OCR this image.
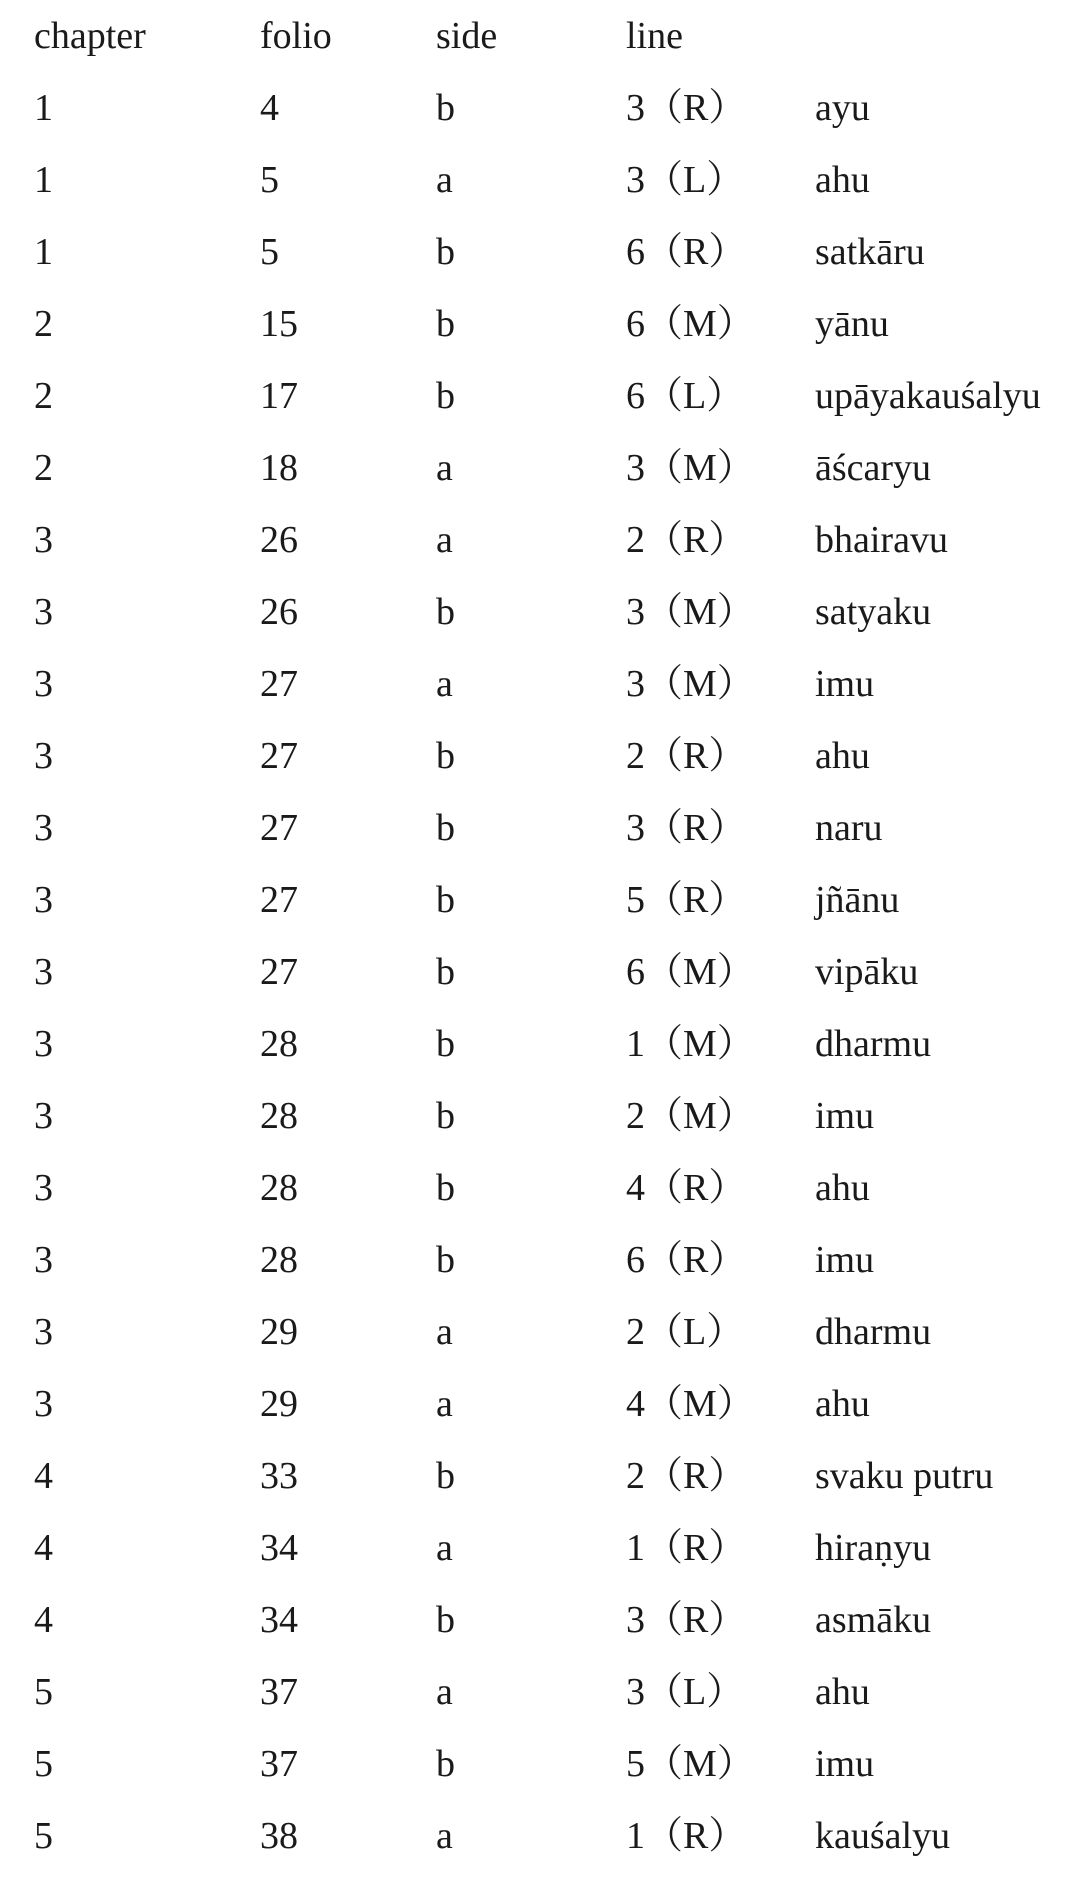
chapter	folio	side	line
1	4	b	3（R） ayu
1	5	a	3（L） ahu
1	5	b	6（R） satkāru
2	15	b	6（M） yānu
2	17	b	6（L） upāyakauśalyu
2	18	a	3（M） āścaryu
3	26	a	2（R） bhairavu
3	26	b	3（M） satyaku
3	27	a	3（M） imu
3	27	b	2（R） ahu
3	27	b	3（R） naru
3	27	b	5（R） jñānu
3	27	b	6（M） vipāku
3	28	b	1（M） dharmu
3	28	b	2（M） imu
3	28	b	4（R） ahu
3	28	b	6（R） imu
3	29	a	2（L） dharmu
3	29	a	4（M） ahu
4	33	b	2（R） svaku putru
4	34	a	1（R） hiraṇyu
4	34	b	3（R） asmāku
5	37	a	3（L） ahu
5	37	b	5（M） imu
5	38	a	1（R） kauśalyu
